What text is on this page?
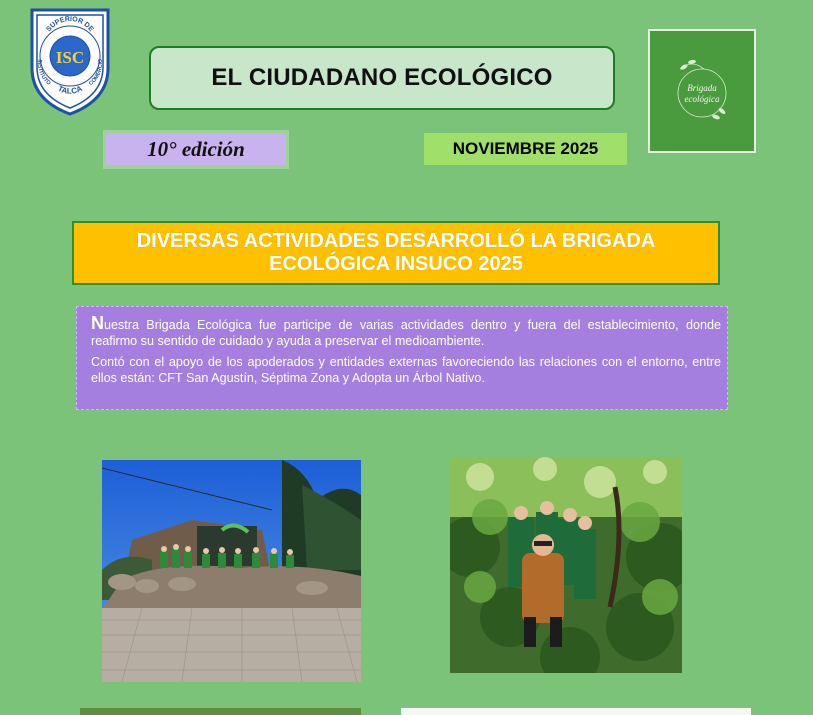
SUPERIOR DE
INSTITUTO	COMERCIO
TALCA
ISC
EL CIUDADANO ECOLÓGICO	Brigada
ecológica
10° edición	NOVIEMBRE 2025
DIVERSAS ACTIVIDADES DESARROLLÓ LA BRIGADA
ECOLÓGICA INSUCO 2025

Nuestra Brigada Ecológica fue participe de varias actividades dentro y fuera del establecimiento, donde reafirmo su sentido de cuidado y ayuda a preservar el medioambiente.

Contó con el apoyo de los apoderados y entidades externas favoreciendo las relaciones con el entorno, entre ellos están: CFT San Agustín, Séptima Zona y Adopta un Árbol Nativo.
